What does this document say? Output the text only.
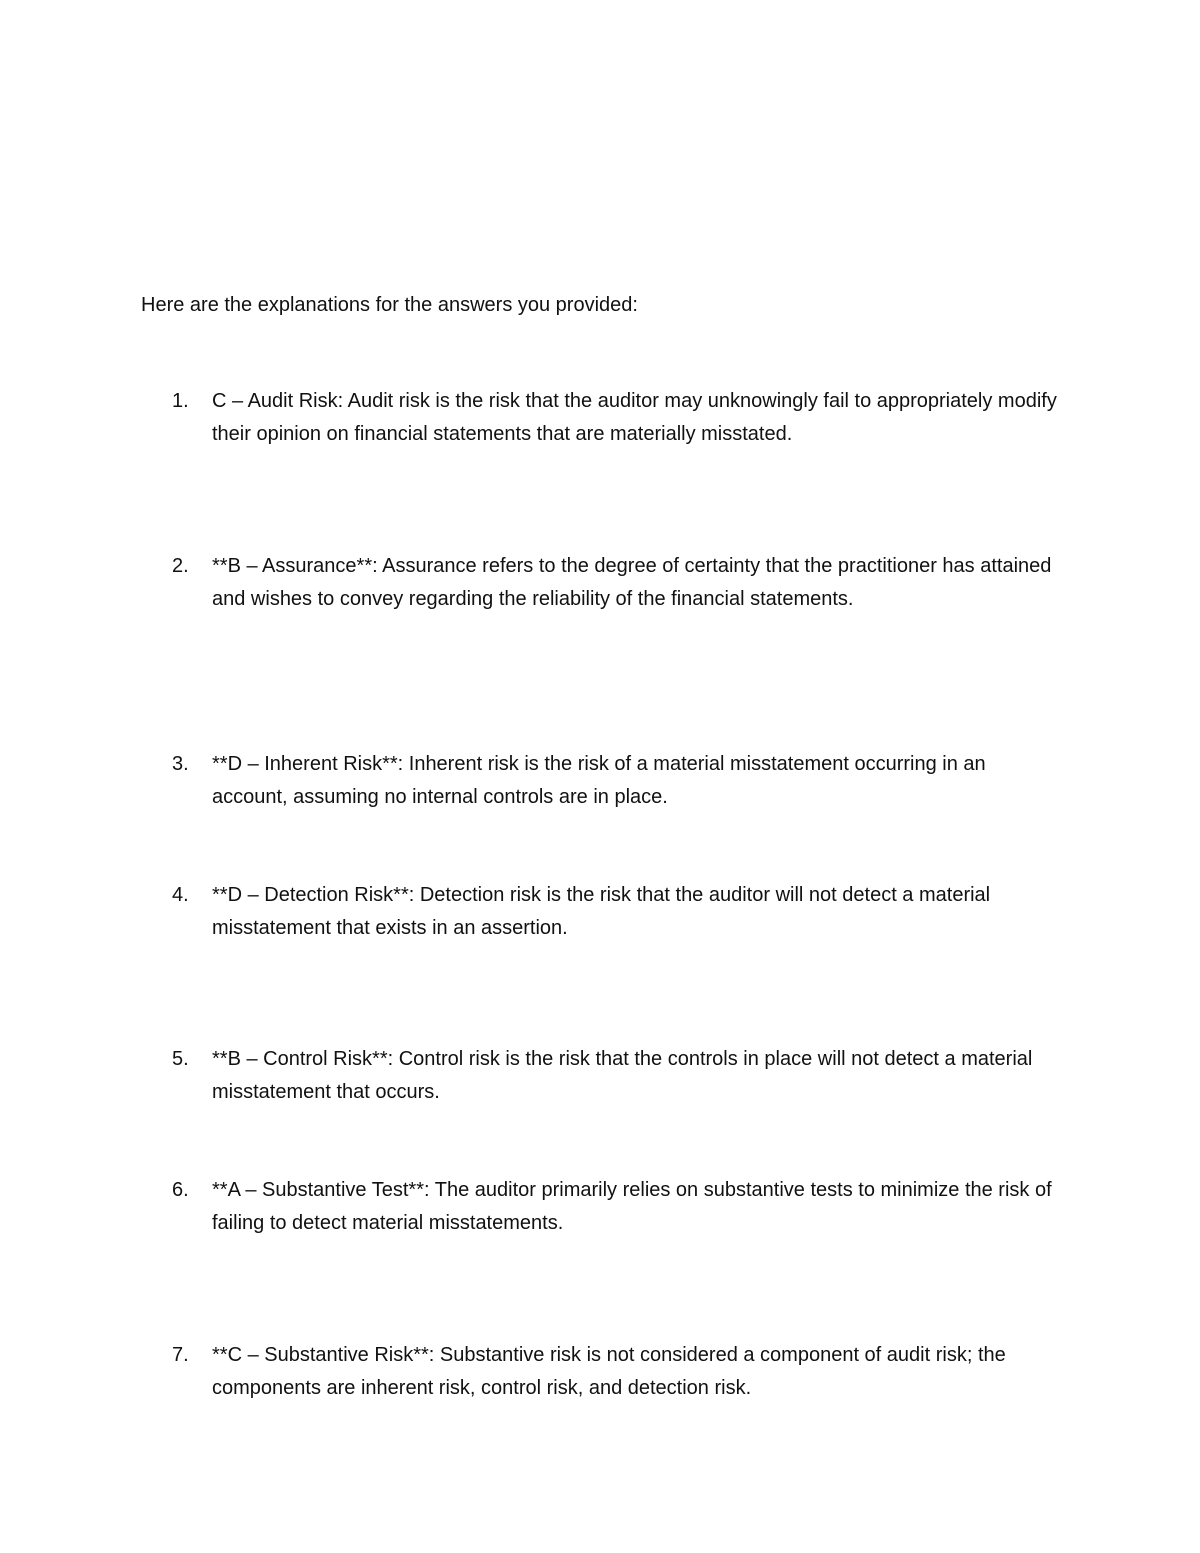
Here are the explanations for the answers you provided:
1. C – Audit Risk: Audit risk is the risk that the auditor may unknowingly fail to appropriately modify their opinion on financial statements that are materially misstated.
2. **B – Assurance**: Assurance refers to the degree of certainty that the practitioner has attained and wishes to convey regarding the reliability of the financial statements.
3. **D – Inherent Risk**: Inherent risk is the risk of a material misstatement occurring in an account, assuming no internal controls are in place.
4. **D – Detection Risk**: Detection risk is the risk that the auditor will not detect a material misstatement that exists in an assertion.
5. **B – Control Risk**: Control risk is the risk that the controls in place will not detect a material misstatement that occurs.
6. **A – Substantive Test**: The auditor primarily relies on substantive tests to minimize the risk of failing to detect material misstatements.
7. **C – Substantive Risk**: Substantive risk is not considered a component of audit risk; the components are inherent risk, control risk, and detection risk.
